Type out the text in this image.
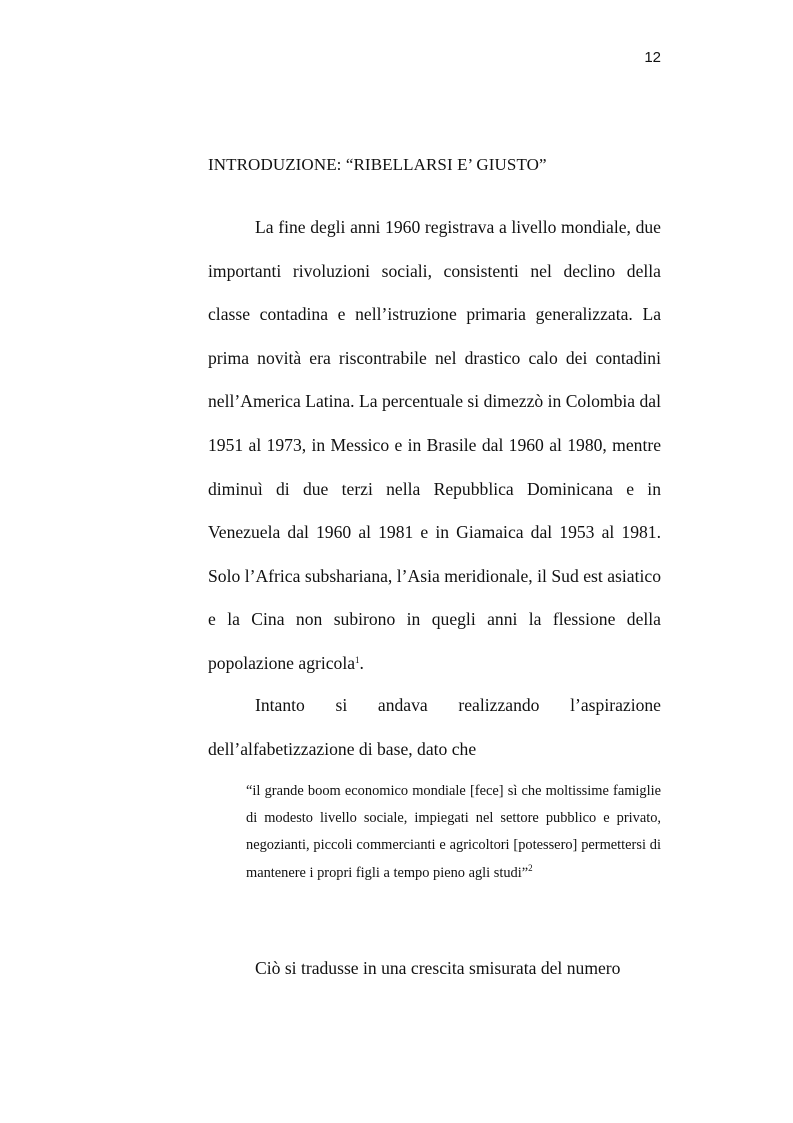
12
INTRODUZIONE: “RIBELLARSI E’ GIUSTO”

La fine degli anni 1960 registrava a livello mondiale, due importanti rivoluzioni sociali, consistenti nel declino della classe contadina e nell’istruzione primaria generalizzata. La prima novità era riscontrabile nel drastico calo dei contadini nell’America Latina. La percentuale si dimezzò in Colombia dal 1951 al 1973, in Messico e in Brasile dal 1960 al 1980, mentre diminuì di due terzi nella Repubblica Dominicana e in Venezuela dal 1960 al 1981 e in Giamaica dal 1953 al 1981. Solo l’Africa subshariana, l’Asia meridionale, il Sud est asiatico e la Cina non subirono in quegli anni la flessione della popolazione agricola$^1$.

Intanto si andava realizzando l’aspirazione dell’alfabetizzazione di base, dato che

“il grande boom economico mondiale [fece] sì che moltissime famiglie di modesto livello sociale, impiegati nel settore pubblico e privato, negozianti, piccoli commercianti e agricoltori [potessero] permettersi di mantenere i propri figli a tempo pieno agli studi”$^2$

Ciò si tradusse in una crescita smisurata del numero
